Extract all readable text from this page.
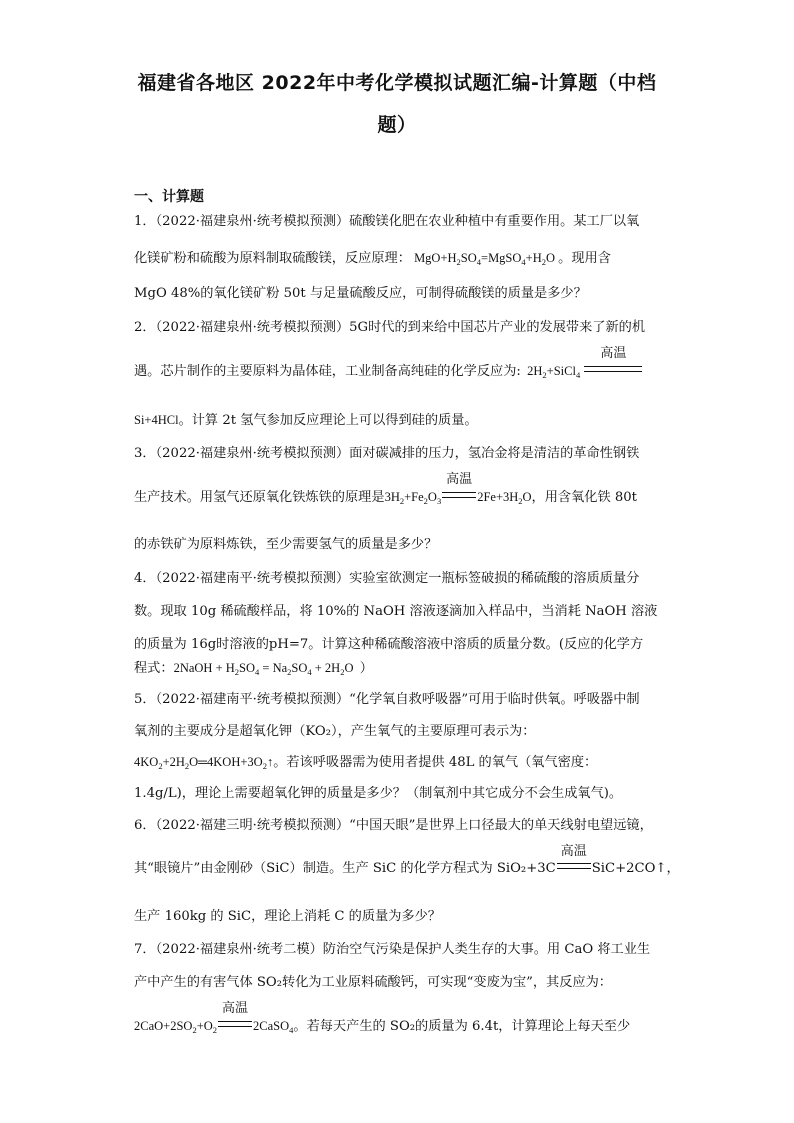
福建省各地区 2022年中考化学模拟试题汇编-计算题（中档
题）
一、计算题
1．（2022·福建泉州·统考模拟预测）硫酸镁化肥在农业种植中有重要作用。某工厂以氧
化镁矿粉和硫酸为原料制取硫酸镁，反应原理： $MgO+H_2SO_4=MgSO_4+H_2O$ 。现用含
MgO 48%的氧化镁矿粉 50t 与足量硫酸反应，可制得硫酸镁的质量是多少？
2．（2022·福建泉州·统考模拟预测）5G时代的到来给中国芯片产业的发展带来了新的机
遇。芯片制作的主要原料为晶体硅，工业制备高纯硅的化学反应为:  $2H_2+SiCl_4$
高温
Si+4HCl。计算 2t 氢气参加反应理论上可以得到硅的质量。
3．（2022·福建泉州·统考模拟预测）面对碳减排的压力，氢冶金将是清洁的革命性钢铁
生产技术。用氢气还原氧化铁炼铁的原理是$3H_2+Fe_2O_3$
高温
$2Fe+3H_2O$，用含氧化铁 80t
的赤铁矿为原料炼铁，至少需要氢气的质量是多少？
4．（2022·福建南平·统考模拟预测）实验室欲测定一瓶标签破损的稀硫酸的溶质质量分
数。现取 10g 稀硫酸样品，将 10%的 NaOH 溶液逐滴加入样品中，当消耗 NaOH 溶液
的质量为 16g时溶液的pH=7。计算这种稀硫酸溶液中溶质的质量分数。(反应的化学方
程式：2NaOH + $H_2SO_4 = Na_2SO_4 + 2H_2O$  ）
5．（2022·福建南平·统考模拟预测）“化学氧自救呼吸器”可用于临时供氧。呼吸器中制
氧剂的主要成分是超氧化钾（KO₂），产生氧气的主要原理可表示为：
$4KO_2+2H_2O═4KOH+3O_2↑$。若该呼吸器需为使用者提供 48L 的氧气（氧气密度：
1.4g/L)，理论上需要超氧化钾的质量是多少？（制氧剂中其它成分不会生成氧气)。
6．（2022·福建三明·统考模拟预测）“中国天眼”是世界上口径最大的单天线射电望远镜，
其“眼镜片”由金刚砂（SiC）制造。生产 SiC 的化学方程式为 SiO₂+3C
高温
SiC+2CO↑，
生产 160kg 的 SiC，理论上消耗 C 的质量为多少？
7．（2022·福建泉州·统考二模）防治空气污染是保护人类生存的大事。用 CaO 将工业生
产中产生的有害气体 SO₂转化为工业原料硫酸钙，可实现“变废为宝”，其反应为：
$2CaO+2SO_2+O_2$
高温
2CaSO$_4$。若每天产生的 SO₂的质量为 6.4t，计算理论上每天至少
